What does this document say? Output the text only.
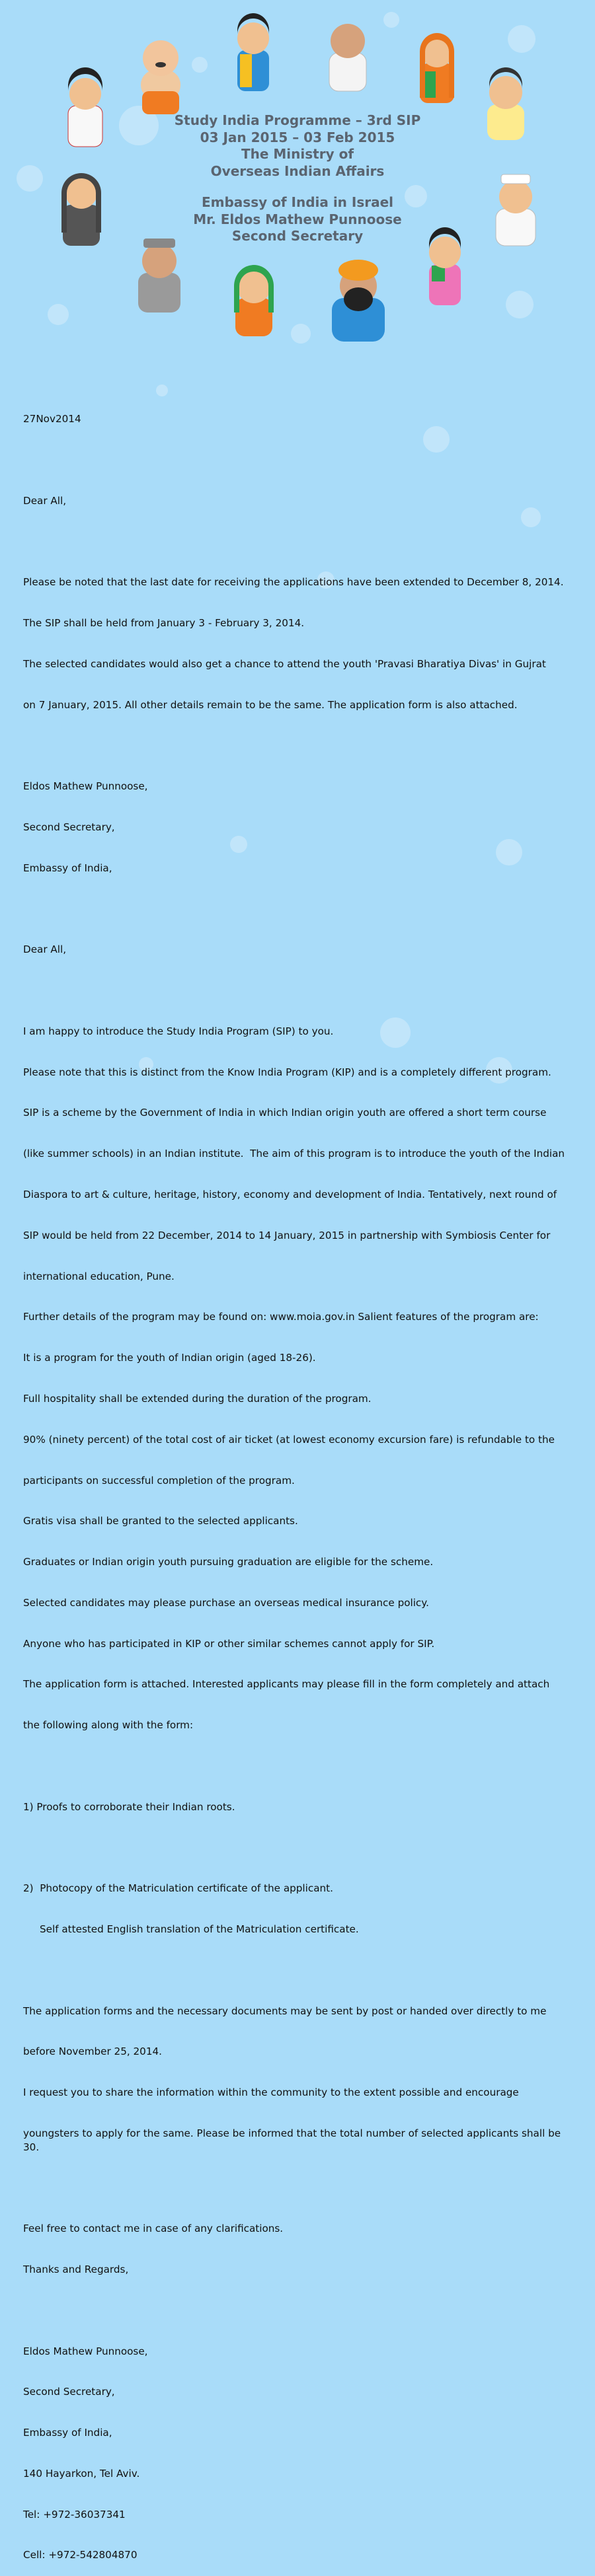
Study India Programme – 3rd SIP
03 Jan 2015 – 03 Feb 2015
The Ministry of
Overseas Indian Affairs
Embassy of India in Israel
Mr. Eldos Mathew Punnoose
Second Secretary

27Nov2014

Dear All,

Please be noted that the last date for receiving the applications have been extended to December 8, 2014.

The SIP shall be held from January 3 - February 3, 2014.

The selected candidates would also get a chance to attend the youth 'Pravasi Bharatiya Divas' in Gujrat

on 7 January, 2015. All other details remain to be the same. The application form is also attached.

Eldos Mathew Punnoose,

Second Secretary,

Embassy of India,

Dear All,

I am happy to introduce the Study India Program (SIP) to you.

Please note that this is distinct from the Know India Program (KIP) and is a completely different program.

SIP is a scheme by the Government of India in which Indian origin youth are offered a short term course

(like summer schools) in an Indian institute.  The aim of this program is to introduce the youth of the Indian

Diaspora to art & culture, heritage, history, economy and development of India. Tentatively, next round of

SIP would be held from 22 December, 2014 to 14 January, 2015 in partnership with Symbiosis Center for

international education, Pune.

Further details of the program may be found on: www.moia.gov.in Salient features of the program are:

It is a program for the youth of Indian origin (aged 18-26).

Full hospitality shall be extended during the duration of the program.

90% (ninety percent) of the total cost of air ticket (at lowest economy excursion fare) is refundable to the

participants on successful completion of the program.

Gratis visa shall be granted to the selected applicants.

Graduates or Indian origin youth pursuing graduation are eligible for the scheme.

Selected candidates may please purchase an overseas medical insurance policy.

Anyone who has participated in KIP or other similar schemes cannot apply for SIP.

The application form is attached. Interested applicants may please fill in the form completely and attach

the following along with the form:

1) Proofs to corroborate their Indian roots.

2)  Photocopy of the Matriculation certificate of the applicant.

Self attested English translation of the Matriculation certificate.

The application forms and the necessary documents may be sent by post or handed over directly to me

before November 25, 2014.

I request you to share the information within the community to the extent possible and encourage

youngsters to apply for the same. Please be informed that the total number of selected applicants shall be 30.

Feel free to contact me in case of any clarifications.

Thanks and Regards,

Eldos Mathew Punnoose,

Second Secretary,

Embassy of India,

140 Hayarkon, Tel Aviv.

Tel: +972-36037341

Cell: +972-542804870
